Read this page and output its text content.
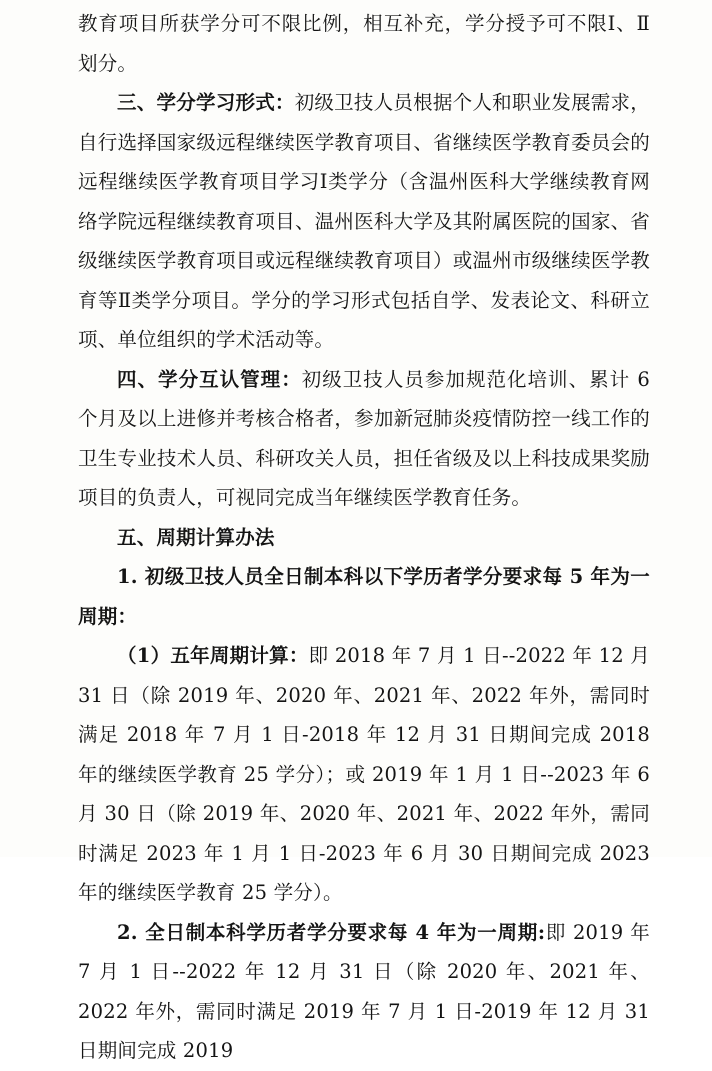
教育项目所获学分可不限比例，相互补充，学分授予可不限Ⅰ、Ⅱ划分。

三、学分学习形式：初级卫技人员根据个人和职业发展需求，自行选择国家级远程继续医学教育项目、省继续医学教育委员会的远程继续医学教育项目学习Ⅰ类学分（含温州医科大学继续教育网络学院远程继续教育项目、温州医科大学及其附属医院的国家、省级继续医学教育项目或远程继续教育项目）或温州市级继续医学教育等Ⅱ类学分项目。学分的学习形式包括自学、发表论文、科研立项、单位组织的学术活动等。

四、学分互认管理：初级卫技人员参加规范化培训、累计 6 个月及以上进修并考核合格者，参加新冠肺炎疫情防控一线工作的卫生专业技术人员、科研攻关人员，担任省级及以上科技成果奖励项目的负责人，可视同完成当年继续医学教育任务。

五、周期计算办法

1. 初级卫技人员全日制本科以下学历者学分要求每 5 年为一周期：

（1）五年周期计算：即 2018 年 7 月 1 日--2022 年 12 月 31 日（除 2019 年、2020 年、2021 年、2022 年外，需同时满足 2018 年 7 月 1 日-2018 年 12 月 31 日期间完成 2018 年的继续医学教育 25 学分）；或 2019 年 1 月 1 日--2023 年 6 月 30 日（除 2019 年、2020 年、2021 年、2022 年外，需同时满足 2023 年 1 月 1 日-2023 年 6 月 30 日期间完成 2023 年的继续医学教育 25 学分）。

2. 全日制本科学历者学分要求每 4 年为一周期:即 2019 年 7 月 1 日--2022 年 12 月 31 日（除 2020 年、2021 年、2022 年外，需同时满足 2019 年 7 月 1 日-2019 年 12 月 31 日期间完成 2019
